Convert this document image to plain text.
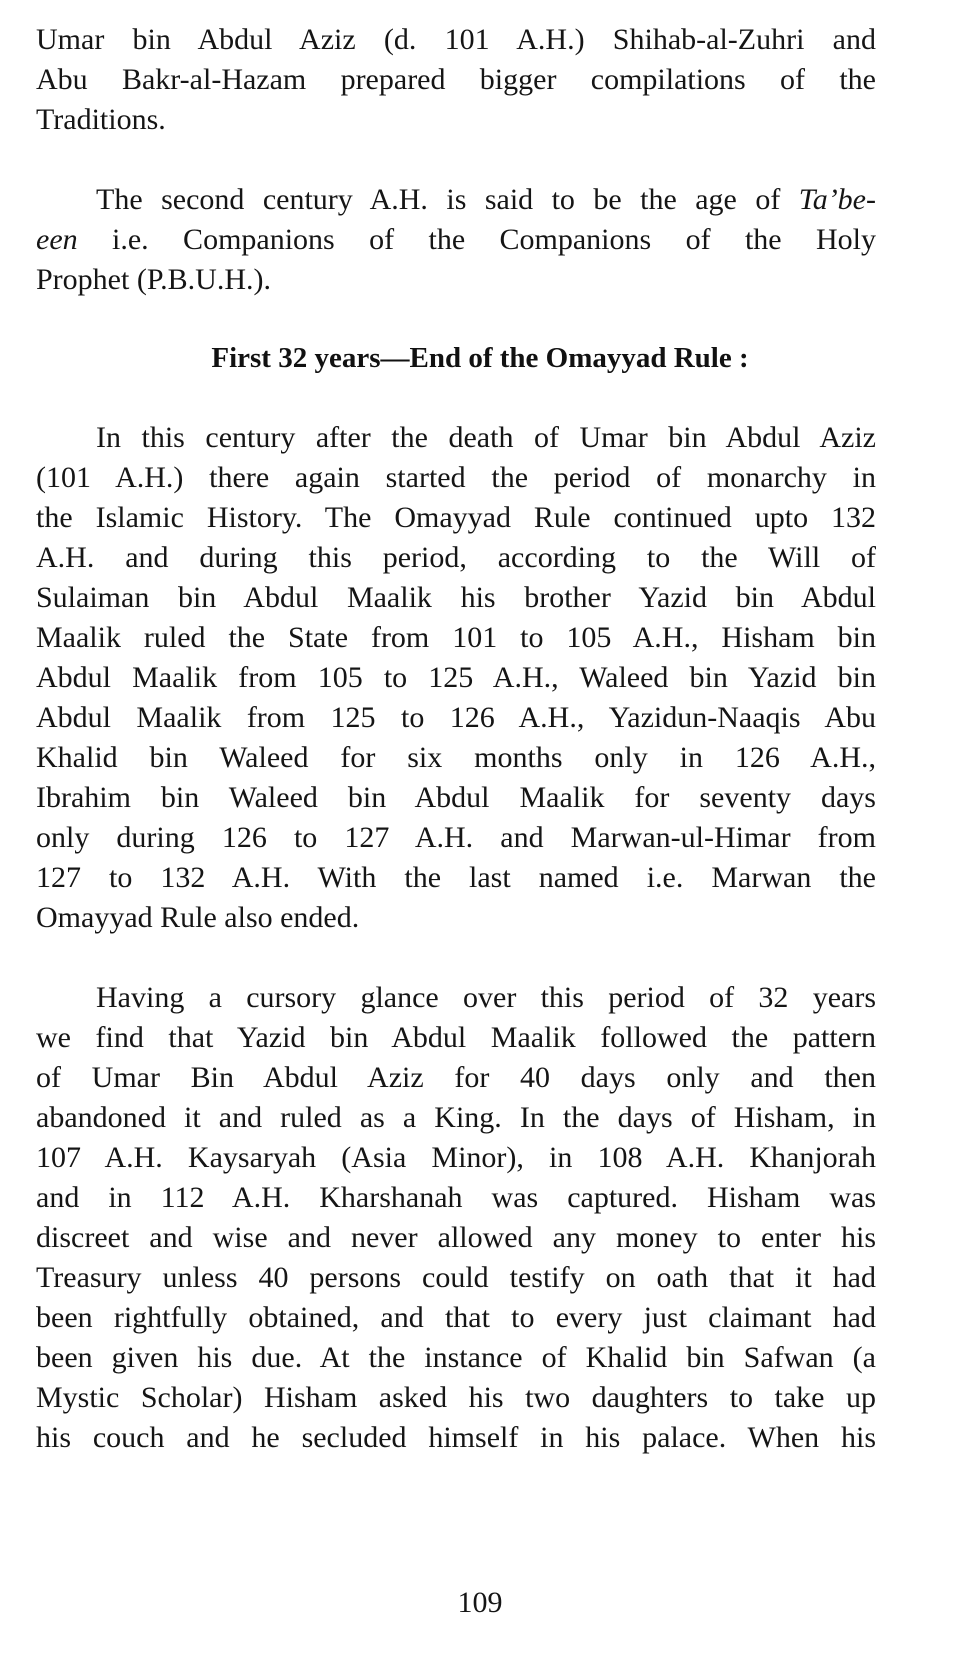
Umar bin Abdul Aziz (d. 101 A.H.) Shihab-al-Zuhri and
Abu Bakr-al-Hazam prepared bigger compilations of the
Traditions.
The second century A.H. is said to be the age of Ta’be-
een i.e. Companions of the Companions of the Holy
Prophet (P.B.U.H.).
First 32 years—End of the Omayyad Rule :
In this century after the death of Umar bin Abdul Aziz
(101 A.H.) there again started the period of monarchy in
the Islamic History. The Omayyad Rule continued upto 132
A.H. and during this period, according to the Will of
Sulaiman bin Abdul Maalik his brother Yazid bin Abdul
Maalik ruled the State from 101 to 105 A.H., Hisham bin
Abdul Maalik from 105 to 125 A.H., Waleed bin Yazid bin
Abdul Maalik from 125 to 126 A.H., Yazidun-Naaqis Abu
Khalid bin Waleed for six months only in 126 A.H.,
Ibrahim bin Waleed bin Abdul Maalik for seventy days
only during 126 to 127 A.H. and Marwan-ul-Himar from
127 to 132 A.H. With the last named i.e. Marwan the
Omayyad Rule also ended.
Having a cursory glance over this period of 32 years
we find that Yazid bin Abdul Maalik followed the pattern
of Umar Bin Abdul Aziz for 40 days only and then
abandoned it and ruled as a King. In the days of Hisham, in
107 A.H. Kaysaryah (Asia Minor), in 108 A.H. Khanjorah
and in 112 A.H. Kharshanah was captured. Hisham was
discreet and wise and never allowed any money to enter his
Treasury unless 40 persons could testify on oath that it had
been rightfully obtained, and that to every just claimant had
been given his due. At the instance of Khalid bin Safwan (a
Mystic Scholar) Hisham asked his two daughters to take up
his couch and he secluded himself in his palace. When his
109
